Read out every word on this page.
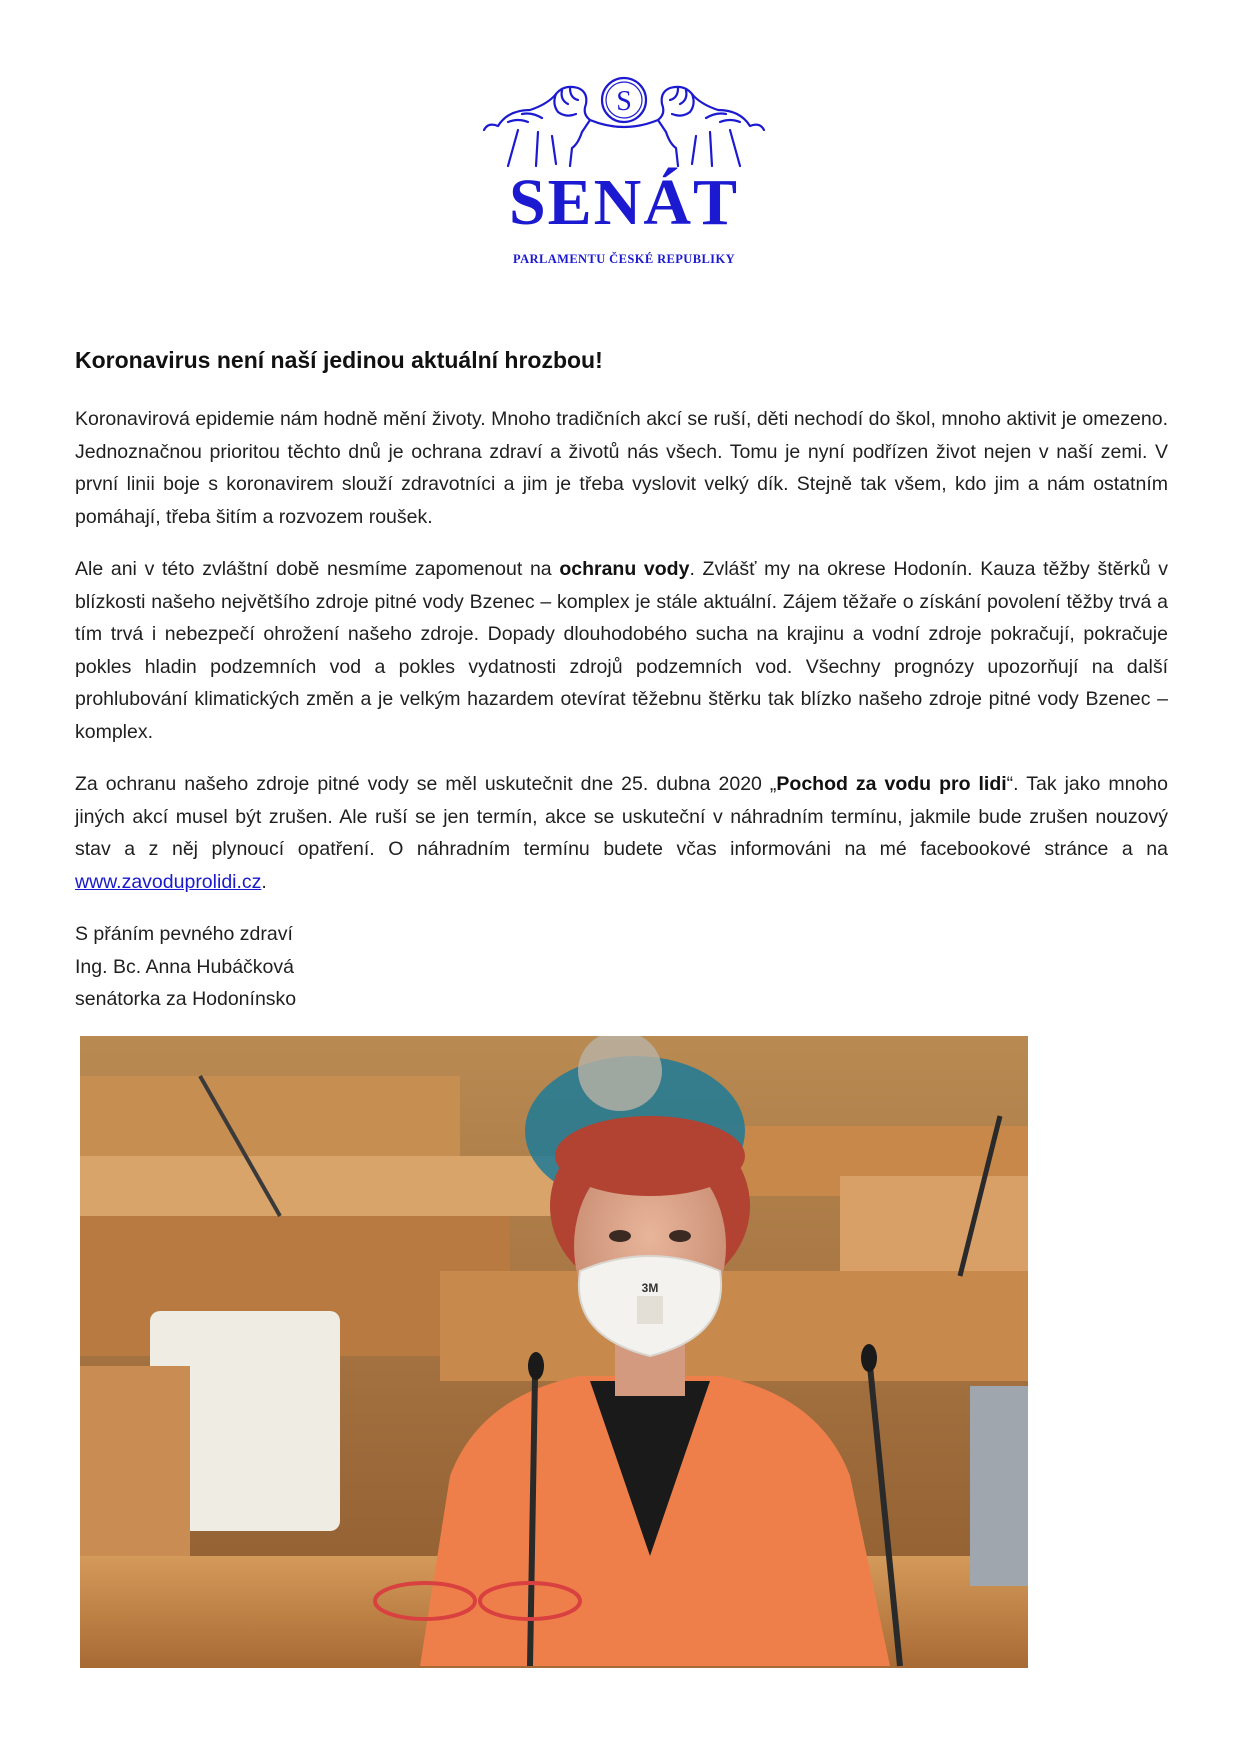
S
SENÁT
PARLAMENTU ČESKÉ REPUBLIKY
Koronavirus není naší jedinou aktuální hrozbou!

Koronavirová epidemie nám hodně mění životy. Mnoho tradičních akcí se ruší, děti nechodí do škol, mnoho aktivit je omezeno. Jednoznačnou prioritou těchto dnů je ochrana zdraví a životů nás všech. Tomu je nyní podřízen život nejen v naší zemi. V první linii boje s koronavirem slouží zdravotníci a jim je třeba vyslovit velký dík. Stejně tak všem, kdo jim a nám ostatním pomáhají, třeba šitím a rozvozem roušek.

Ale ani v této zvláštní době nesmíme zapomenout na ochranu vody. Zvlášť my na okrese Hodonín. Kauza těžby štěrků v blízkosti našeho největšího zdroje pitné vody Bzenec – komplex je stále aktuální. Zájem těžaře o získání povolení těžby trvá a tím trvá i nebezpečí ohrožení našeho zdroje. Dopady dlouhodobého sucha na krajinu a vodní zdroje pokračují, pokračuje pokles hladin podzemních vod a pokles vydatnosti zdrojů podzemních vod. Všechny prognózy upozorňují na další prohlubování klimatických změn a je velkým hazardem otevírat těžebnu štěrku tak blízko našeho zdroje pitné vody Bzenec – komplex.

Za ochranu našeho zdroje pitné vody se měl uskutečnit dne 25. dubna 2020 „Pochod za vodu pro lidi“. Tak jako mnoho jiných akcí musel být zrušen. Ale ruší se jen termín, akce se uskuteční v náhradním termínu, jakmile bude zrušen nouzový stav a z něj plynoucí opatření. O náhradním termínu budete včas informováni na mé facebookové stránce a na www.zavoduprolidi.cz.

S přáním pevného zdraví
Ing. Bc. Anna Hubáčková
senátorka za Hodonínsko
3M
